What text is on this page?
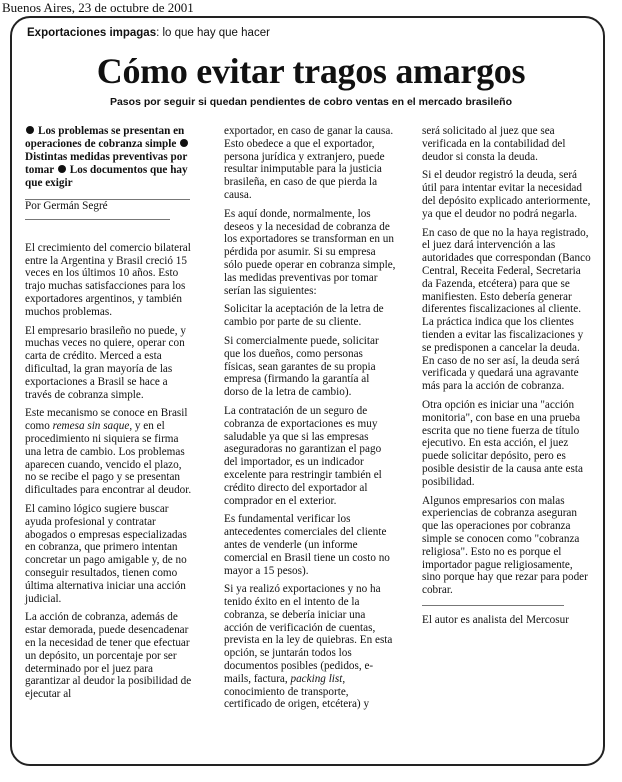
Buenos Aires, 23 de octubre de 2001
Exportaciones impagas: lo que hay que hacer
Cómo evitar tragos amargos
Pasos por seguir si quedan pendientes de cobro ventas en el mercado brasileño

Los problemas se presentan en operaciones de cobranza simple Distintas medidas preventivas por tomar Los documentos que hay que exigir

Por Germán Segré

El crecimiento del comercio bilateral entre la Argentina y Brasil creció 15 veces en los últimos 10 años. Esto trajo muchas satisfacciones para los exportadores argentinos, y también muchos problemas.

El empresario brasileño no puede, y muchas veces no quiere, operar con carta de crédito. Merced a esta dificultad, la gran mayoría de las exportaciones a Brasil se hace a través de cobranza simple.

Este mecanismo se conoce en Brasil como remesa sin saque, y en el procedimiento ni siquiera se firma una letra de cambio. Los problemas aparecen cuando, vencido el plazo, no se recibe el pago y se presentan dificultades para encontrar al deudor.

El camino lógico sugiere buscar ayuda profesional y contratar abogados o empresas especializadas en cobranza, que primero intentan concretar un pago amigable y, de no conseguir resultados, tienen como última alternativa iniciar una acción judicial.

La acción de cobranza, además de estar demorada, puede desencadenar en la necesidad de tener que efectuar un depósito, un porcentaje por ser determinado por el juez para garantizar al deudor la posibilidad de ejecutar al

exportador, en caso de ganar la causa. Esto obedece a que el exportador, persona jurídica y extranjero, puede resultar inimputable para la justicia brasileña, en caso de que pierda la causa.

Es aquí donde, normalmente, los deseos y la necesidad de cobranza de los exportadores se transforman en un pérdida por asumir. Si su empresa sólo puede operar en cobranza simple, las medidas preventivas por tomar serían las siguientes:

Solicitar la aceptación de la letra de cambio por parte de su cliente.

Si comercialmente puede, solicitar que los dueños, como personas físicas, sean garantes de su propia empresa (firmando la garantía al dorso de la letra de cambio).

La contratación de un seguro de cobranza de exportaciones es muy saludable ya que si las empresas aseguradoras no garantizan el pago del importador, es un indicador excelente para restringir también el crédito directo del exportador al comprador en el exterior.

Es fundamental verificar los antecedentes comerciales del cliente antes de venderle (un informe comercial en Brasil tiene un costo no mayor a 15 pesos).

Si ya realizó exportaciones y no ha tenido éxito en el intento de la cobranza, se debería iniciar una acción de verificación de cuentas, prevista en la ley de quiebras. En esta opción, se juntarán todos los documentos posibles (pedidos, e-mails, factura, packing list, conocimiento de transporte, certificado de origen, etcétera) y

será solicitado al juez que sea verificada en la contabilidad del deudor si consta la deuda.

Si el deudor registró la deuda, será útil para intentar evitar la necesidad del depósito explicado anteriormente, ya que el deudor no podrá negarla.

En caso de que no la haya registrado, el juez dará intervención a las autoridades que correspondan (Banco Central, Receita Federal, Secretaria da Fazenda, etcétera) para que se manifiesten. Esto debería generar diferentes fiscalizaciones al cliente. La práctica indica que los clientes tienden a evitar las fiscalizaciones y se predisponen a cancelar la deuda. En caso de no ser así, la deuda será verificada y quedará una agravante más para la acción de cobranza.

Otra opción es iniciar una "acción monitoria", con base en una prueba escrita que no tiene fuerza de título ejecutivo. En esta acción, el juez puede solicitar depósito, pero es posible desistir de la causa ante esta posibilidad.

Algunos empresarios con malas experiencias de cobranza aseguran que las operaciones por cobranza simple se conocen como "cobranza religiosa". Esto no es porque el importador pague religiosamente, sino porque hay que rezar para poder cobrar.

El autor es analista del Mercosur
